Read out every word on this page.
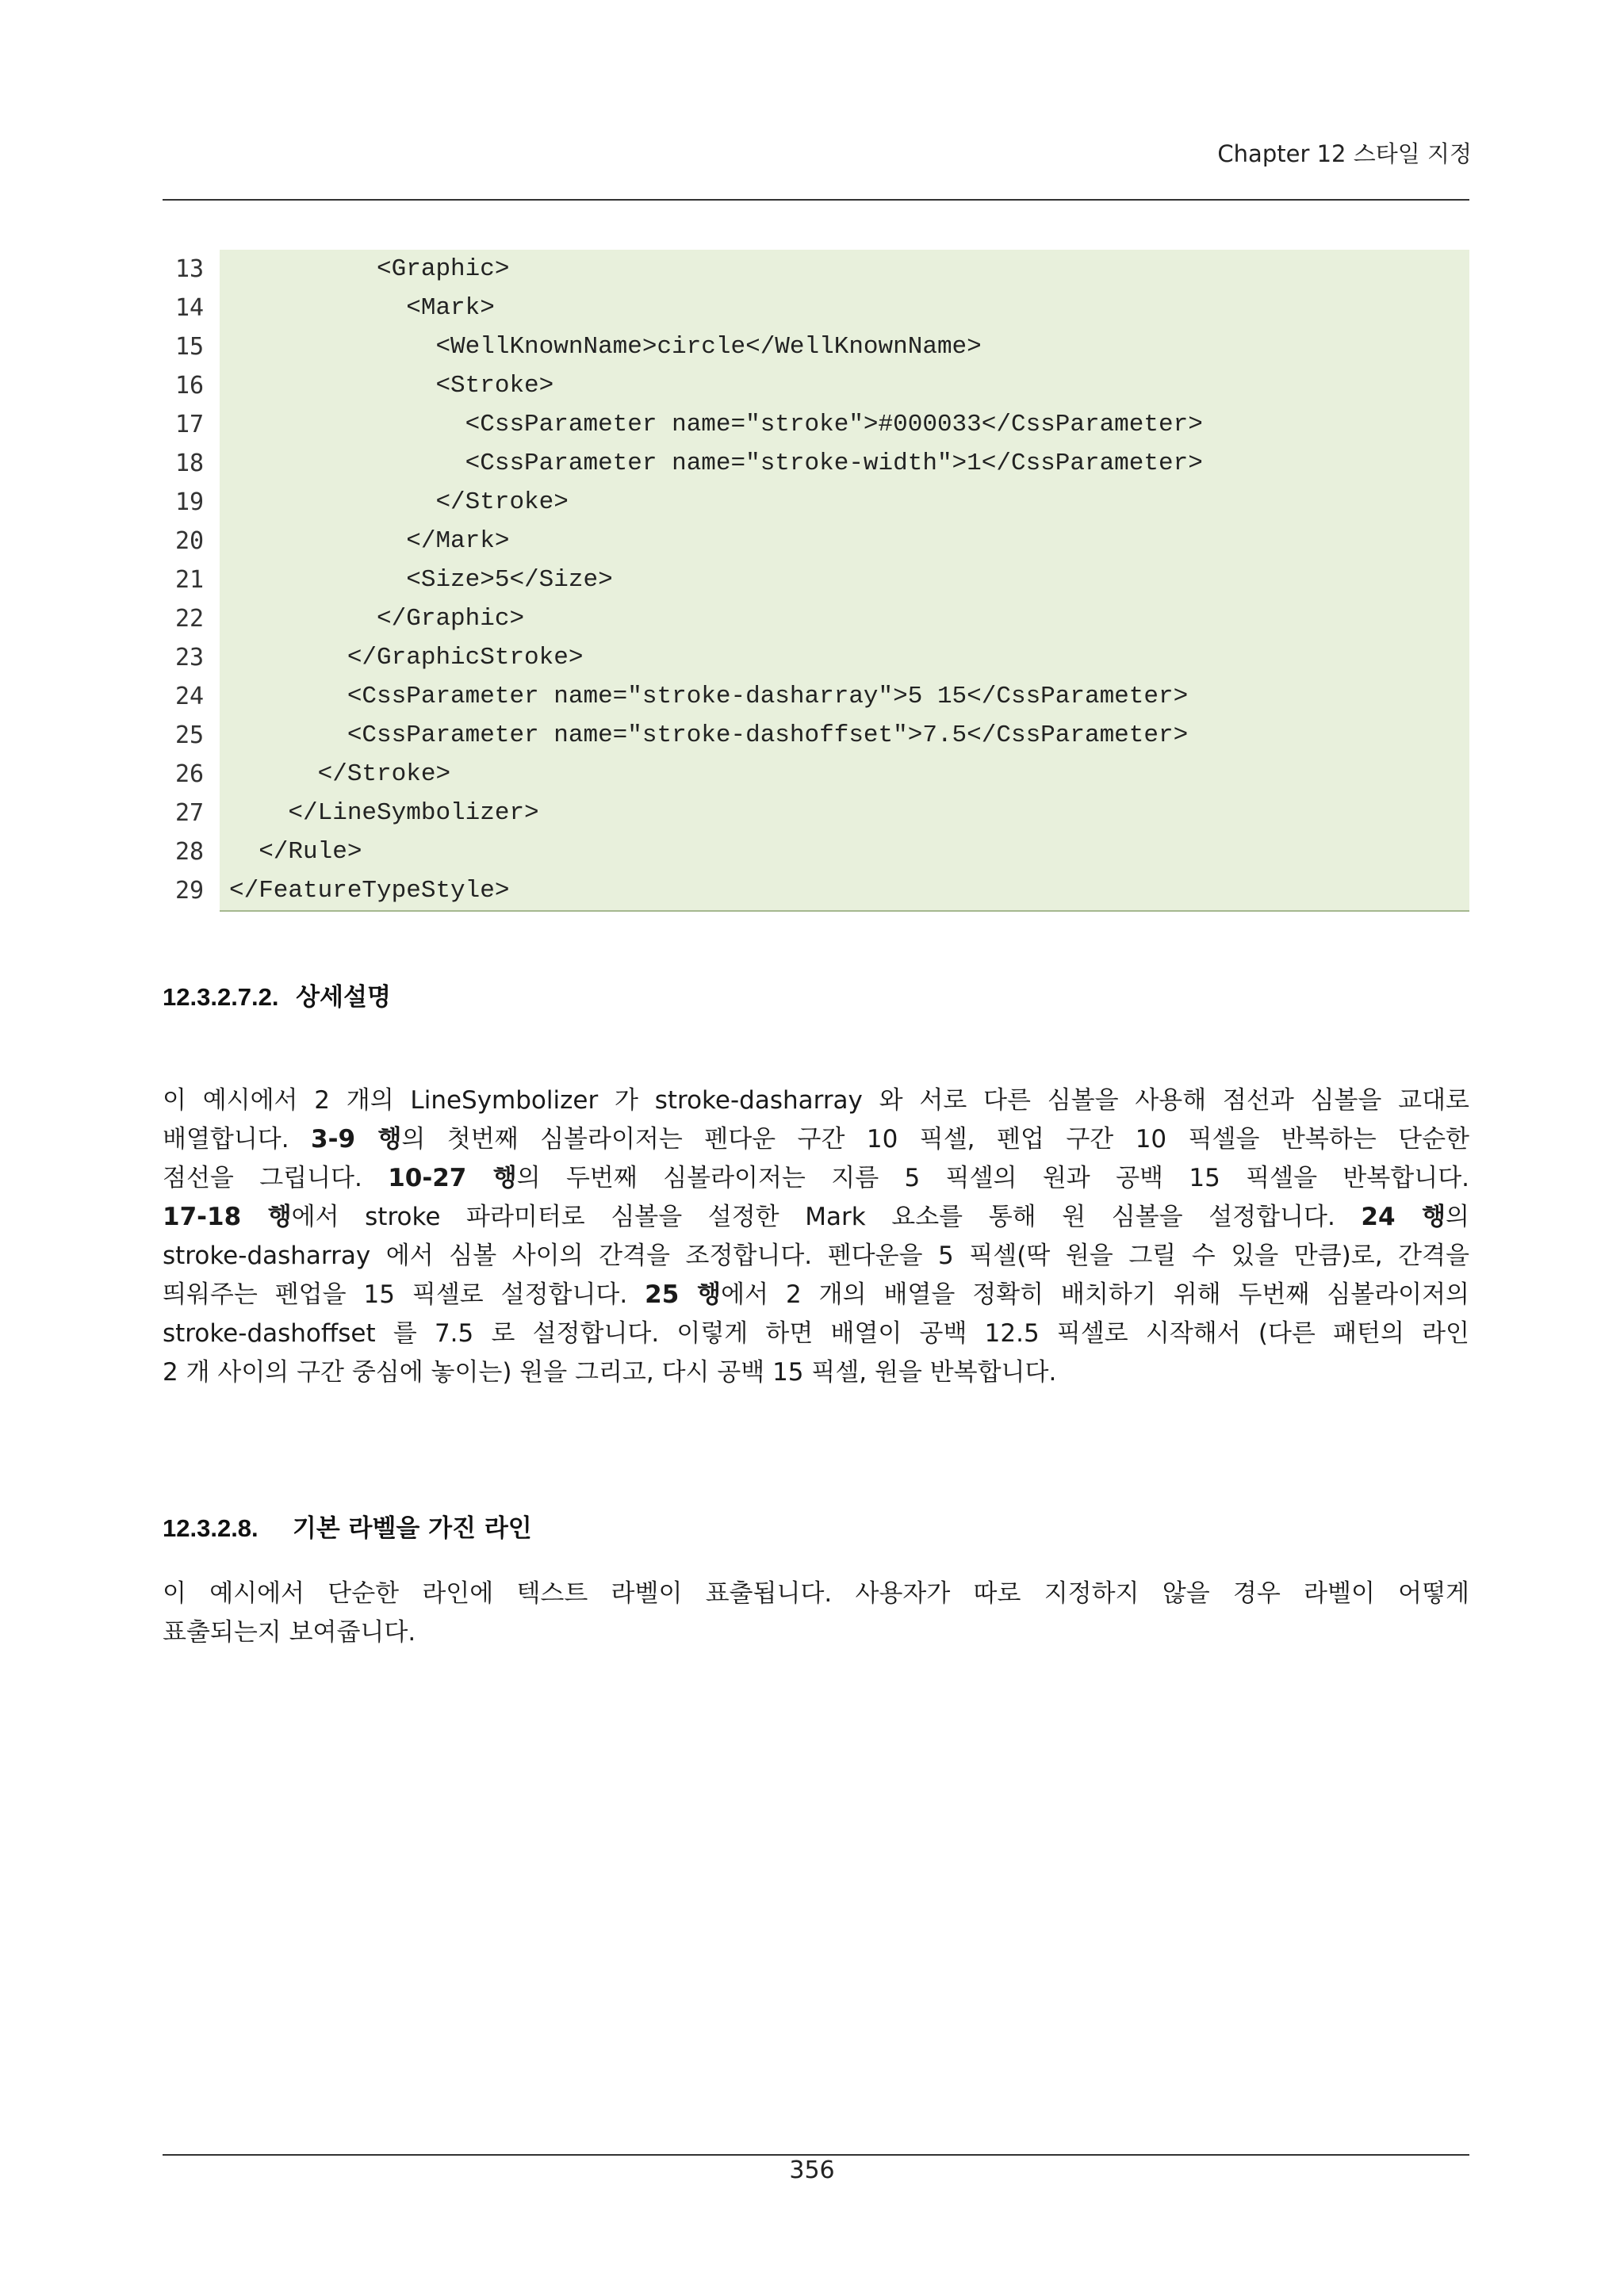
Chapter 12 스타일 지정
13	<Graphic>
14	<Mark>
15	<WellKnownName>circle</WellKnownName>
16	<Stroke>
17	<CssParameter name="stroke">#000033</CssParameter>
18	<CssParameter name="stroke-width">1</CssParameter>
19	</Stroke>
20	</Mark>
21	<Size>5</Size>
22	</Graphic>
23	</GraphicStroke>
24	<CssParameter name="stroke-dasharray">5 15</CssParameter>
25	<CssParameter name="stroke-dashoffset">7.5</CssParameter>
26	</Stroke>
27	</LineSymbolizer>
28	</Rule>
29	</FeatureTypeStyle>
12.3.2.7.2. 상세설명
이 예시에서 2 개의 LineSymbolizer 가 stroke-dasharray 와 서로 다른 심볼을 사용해 점선과 심볼을 교대로
배열합니다. 3-9 행의 첫번째 심볼라이저는 펜다운 구간 10 픽셀, 펜업 구간 10 픽셀을 반복하는 단순한
점선을 그립니다. 10-27 행의 두번째 심볼라이저는 지름 5 픽셀의 원과 공백 15 픽셀을 반복합니다.
17-18 행에서 stroke 파라미터로 심볼을 설정한 Mark 요소를 통해 원 심볼을 설정합니다. 24 행의
stroke-dasharray 에서 심볼 사이의 간격을 조정합니다. 펜다운을 5 픽셀(딱 원을 그릴 수 있을 만큼)로, 간격을
띄워주는 펜업을 15 픽셀로 설정합니다. 25 행에서 2 개의 배열을 정확히 배치하기 위해 두번째 심볼라이저의
stroke-dashoffset 를 7.5 로 설정합니다. 이렇게 하면 배열이 공백 12.5 픽셀로 시작해서 (다른 패턴의 라인
2 개 사이의 구간 중심에 놓이는) 원을 그리고, 다시 공백 15 픽셀, 원을 반복합니다.
12.3.2.8. 기본 라벨을 가진 라인
이 예시에서 단순한 라인에 텍스트 라벨이 표출됩니다. 사용자가 따로 지정하지 않을 경우 라벨이 어떻게
표출되는지 보여줍니다.
356
